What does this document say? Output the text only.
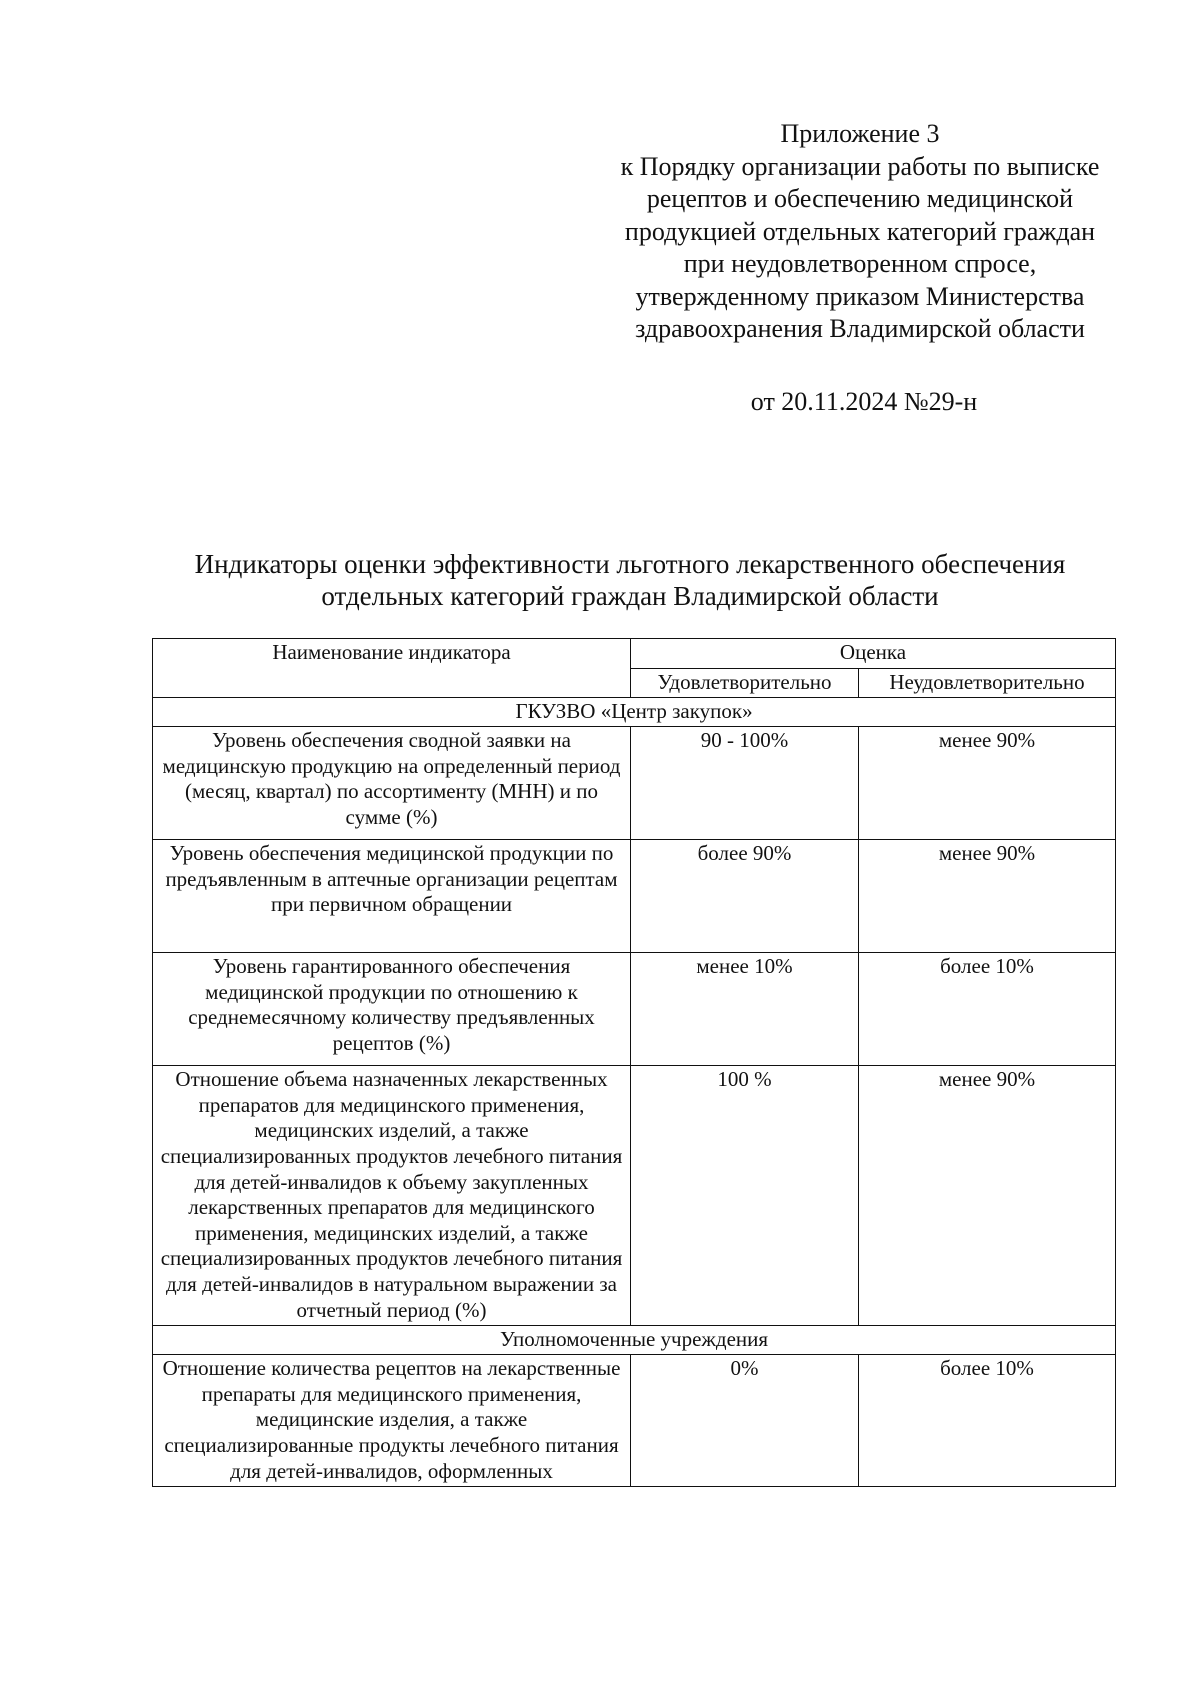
Приложение 3
к Порядку организации работы по выписке
рецептов и обеспечению медицинской
продукцией отдельных категорий граждан
при неудовлетворенном спросе,
утвержденному приказом Министерства
здравоохранения Владимирской области
от 20.11.2024 №29-н
Индикаторы оценки эффективности льготного лекарственного обеспечения
отдельных категорий граждан Владимирской области
Наименование индикатора	Оценка	
	Удовлетворительно	Неудовлетворительно
ГКУЗВО «Центр закупок»		
Уровень обеспечения сводной заявки на медицинскую продукцию на определенный период (месяц, квартал) по ассортименту (МНН) и по сумме (%)	90 - 100%	менее 90%
Уровень обеспечения медицинской продукции по предъявленным в аптечные организации рецептам при первичном обращении	более 90%	менее 90%
Уровень гарантированного обеспечения медицинской продукции по отношению к среднемесячному количеству предъявленных рецептов (%)	менее 10%	более 10%
Отношение объема назначенных лекарственных препаратов для медицинского применения, медицинских изделий, а также специализированных продуктов лечебного питания для детей-инвалидов к объему закупленных лекарственных препаратов для медицинского применения, медицинских изделий, а также специализированных продуктов лечебного питания для детей-инвалидов в натуральном выражении за отчетный период (%)	100 %	менее 90%
Уполномоченные учреждения		
Отношение количества рецептов на лекарственные препараты для медицинского применения, медицинские изделия, а также специализированные продукты лечебного питания для детей-инвалидов, оформленных	0%	более 10%
